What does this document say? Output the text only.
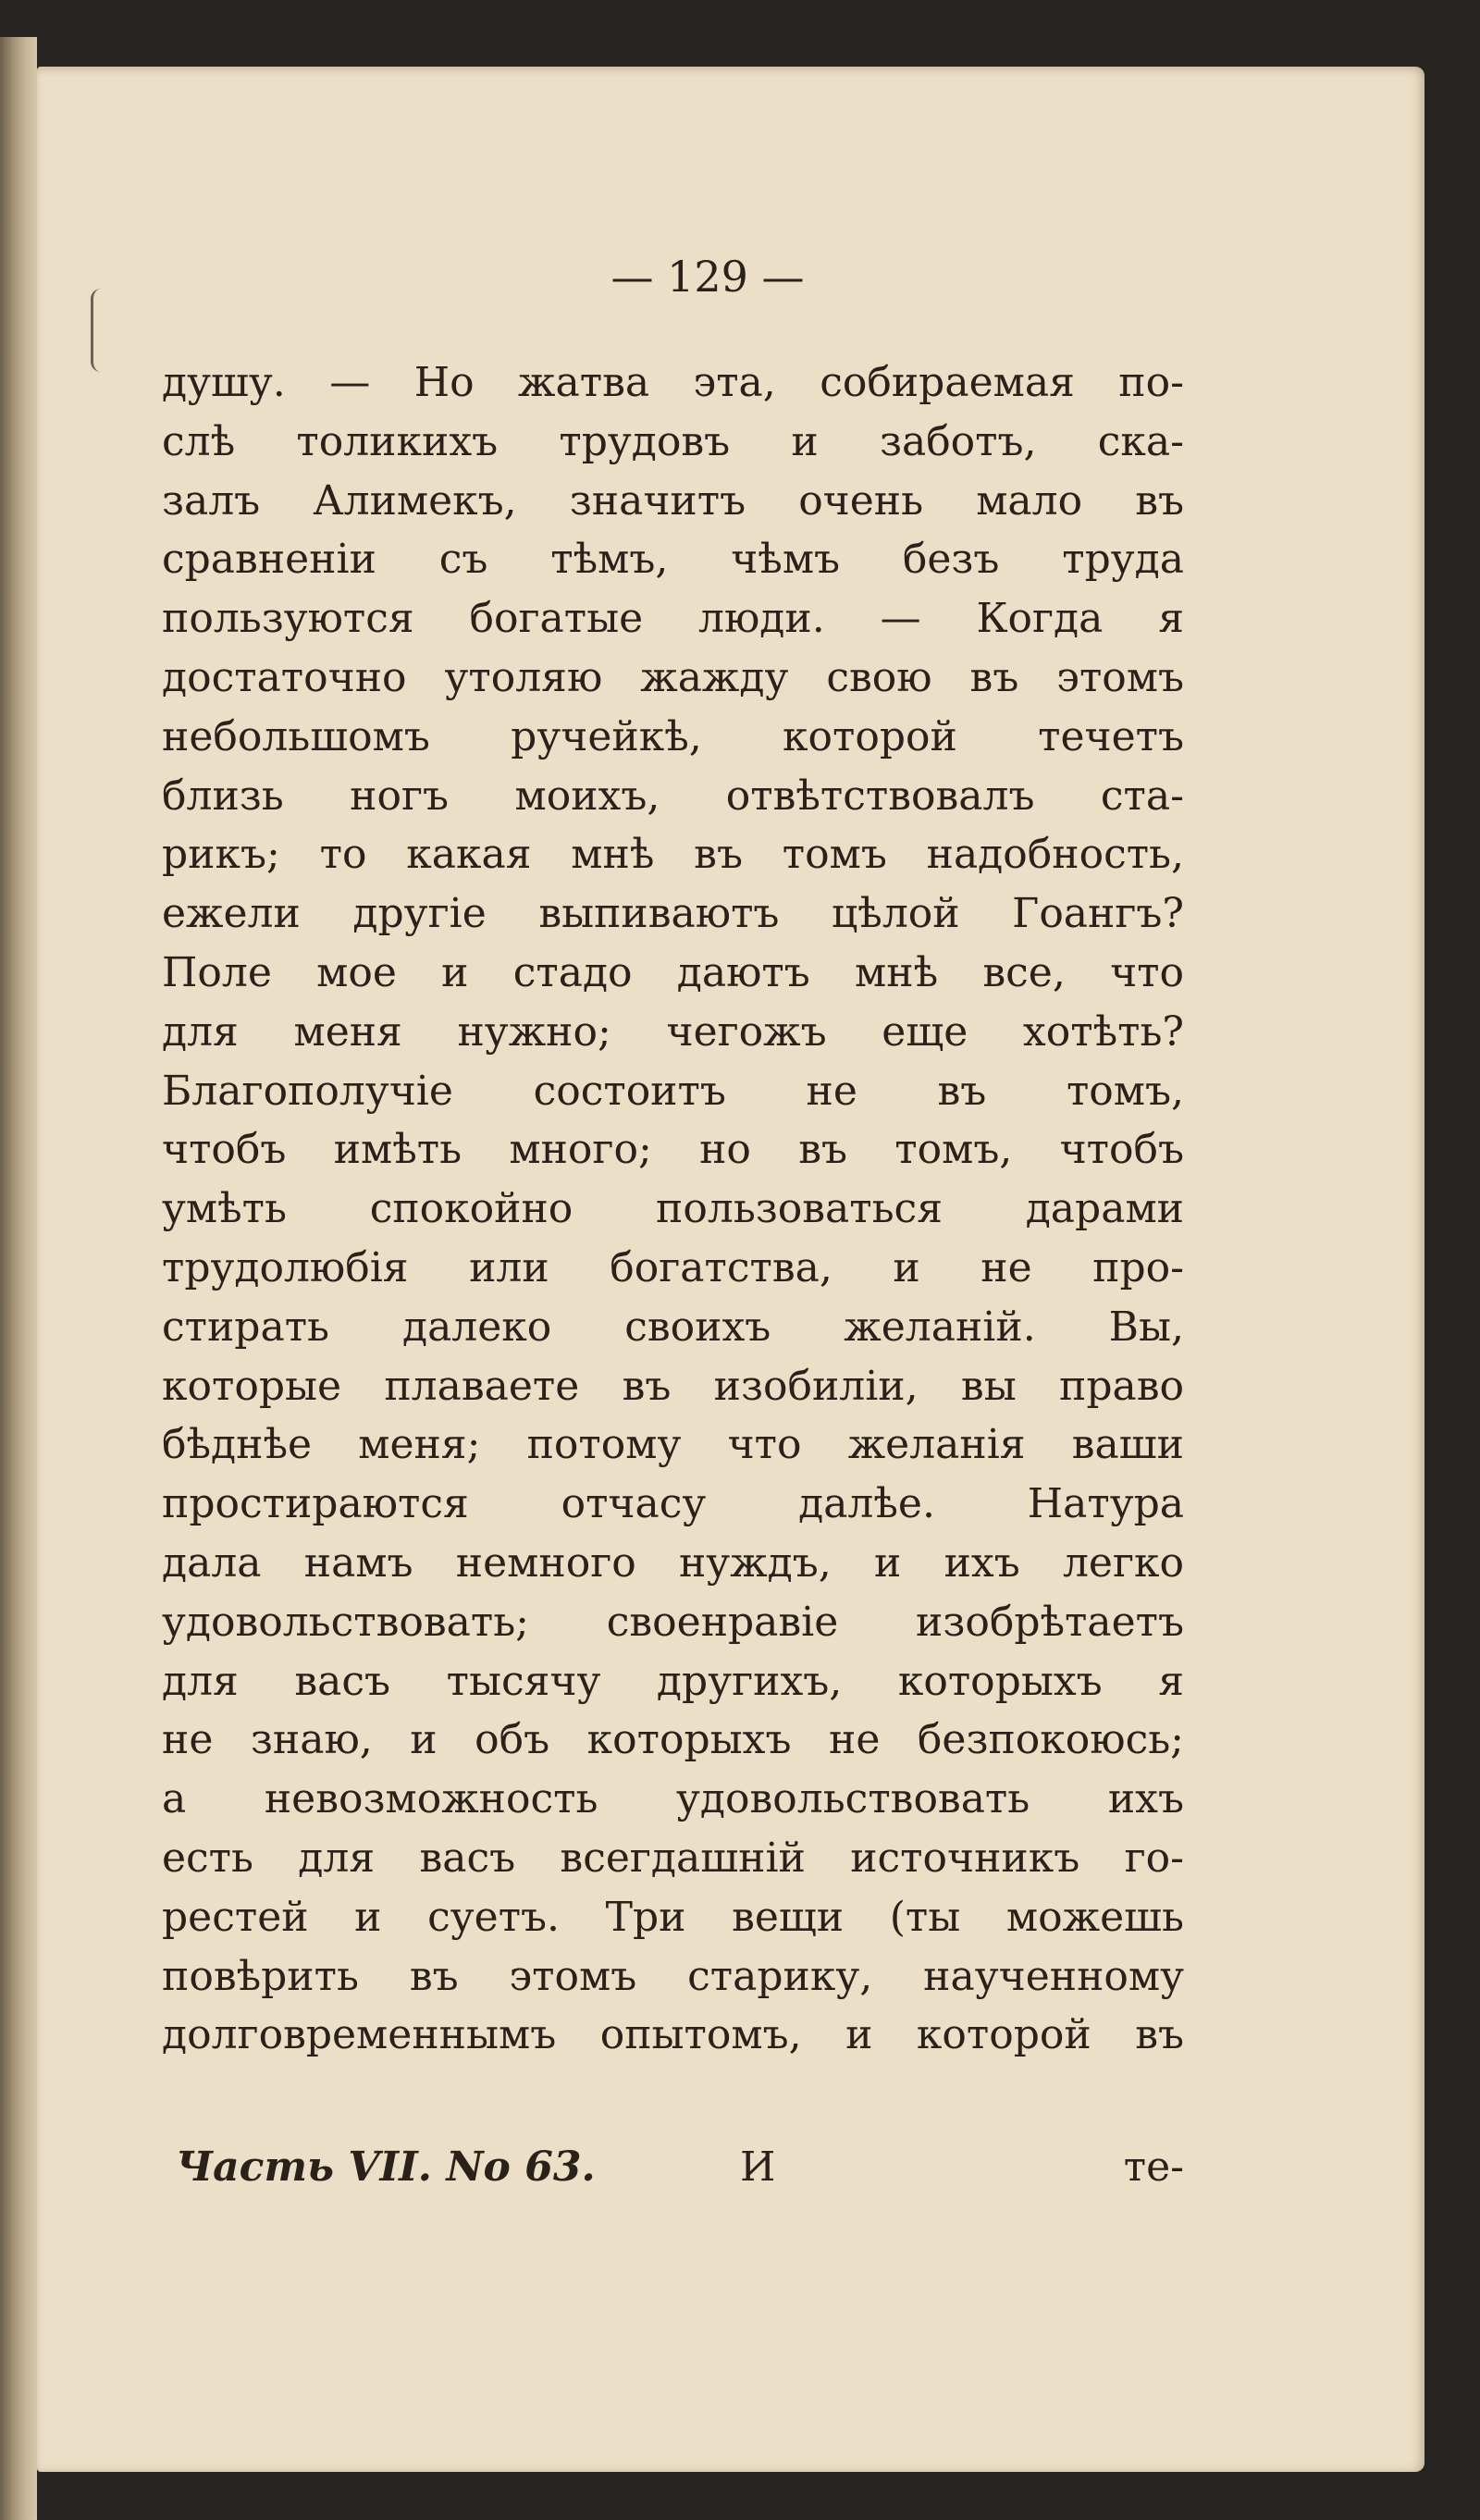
— 129 —
душу. — Но жатва эта, собираемая по-
слѣ толикихъ трудовъ и заботъ, ска-
залъ Алимекъ, значитъ очень мало въ
сравненіи съ тѣмъ, чѣмъ безъ труда
пользуются богатые люди. — Когда я
достаточно утоляю жажду свою въ этомъ
небольшомъ ручейкѣ, которой течетъ
близь ногъ моихъ, отвѣтствовалъ ста-
рикъ; то какая мнѣ въ томъ надобность,
ежели другіе выпиваютъ цѣлой Гоангъ?
Поле мое и стадо даютъ мнѣ все, что
для меня нужно; чегожъ еще хотѣть?
Благополучіе состоитъ не въ томъ,
чтобъ имѣть много; но въ томъ, чтобъ
умѣть спокойно пользоваться дарами
трудолюбія или богатства, и не про-
стирать далеко своихъ желаній. Вы,
которые плаваете въ изобиліи, вы право
бѣднѣе меня; потому что желанія ваши
простираются отчасу далѣе. Натура
дала намъ немного нуждъ, и ихъ легко
удовольствовать; своенравіе изобрѣтаетъ
для васъ тысячу другихъ, которыхъ я
не знаю, и объ которыхъ не безпокоюсь;
а невозможность удовольствовать ихъ
есть для васъ всегдашній источникъ го-
рестей и суетъ. Три вещи (ты можешь
повѣрить въ этомъ старику, наученному
долговременнымъ опытомъ, и которой въ
Часть VII. No 63.	И	те-
